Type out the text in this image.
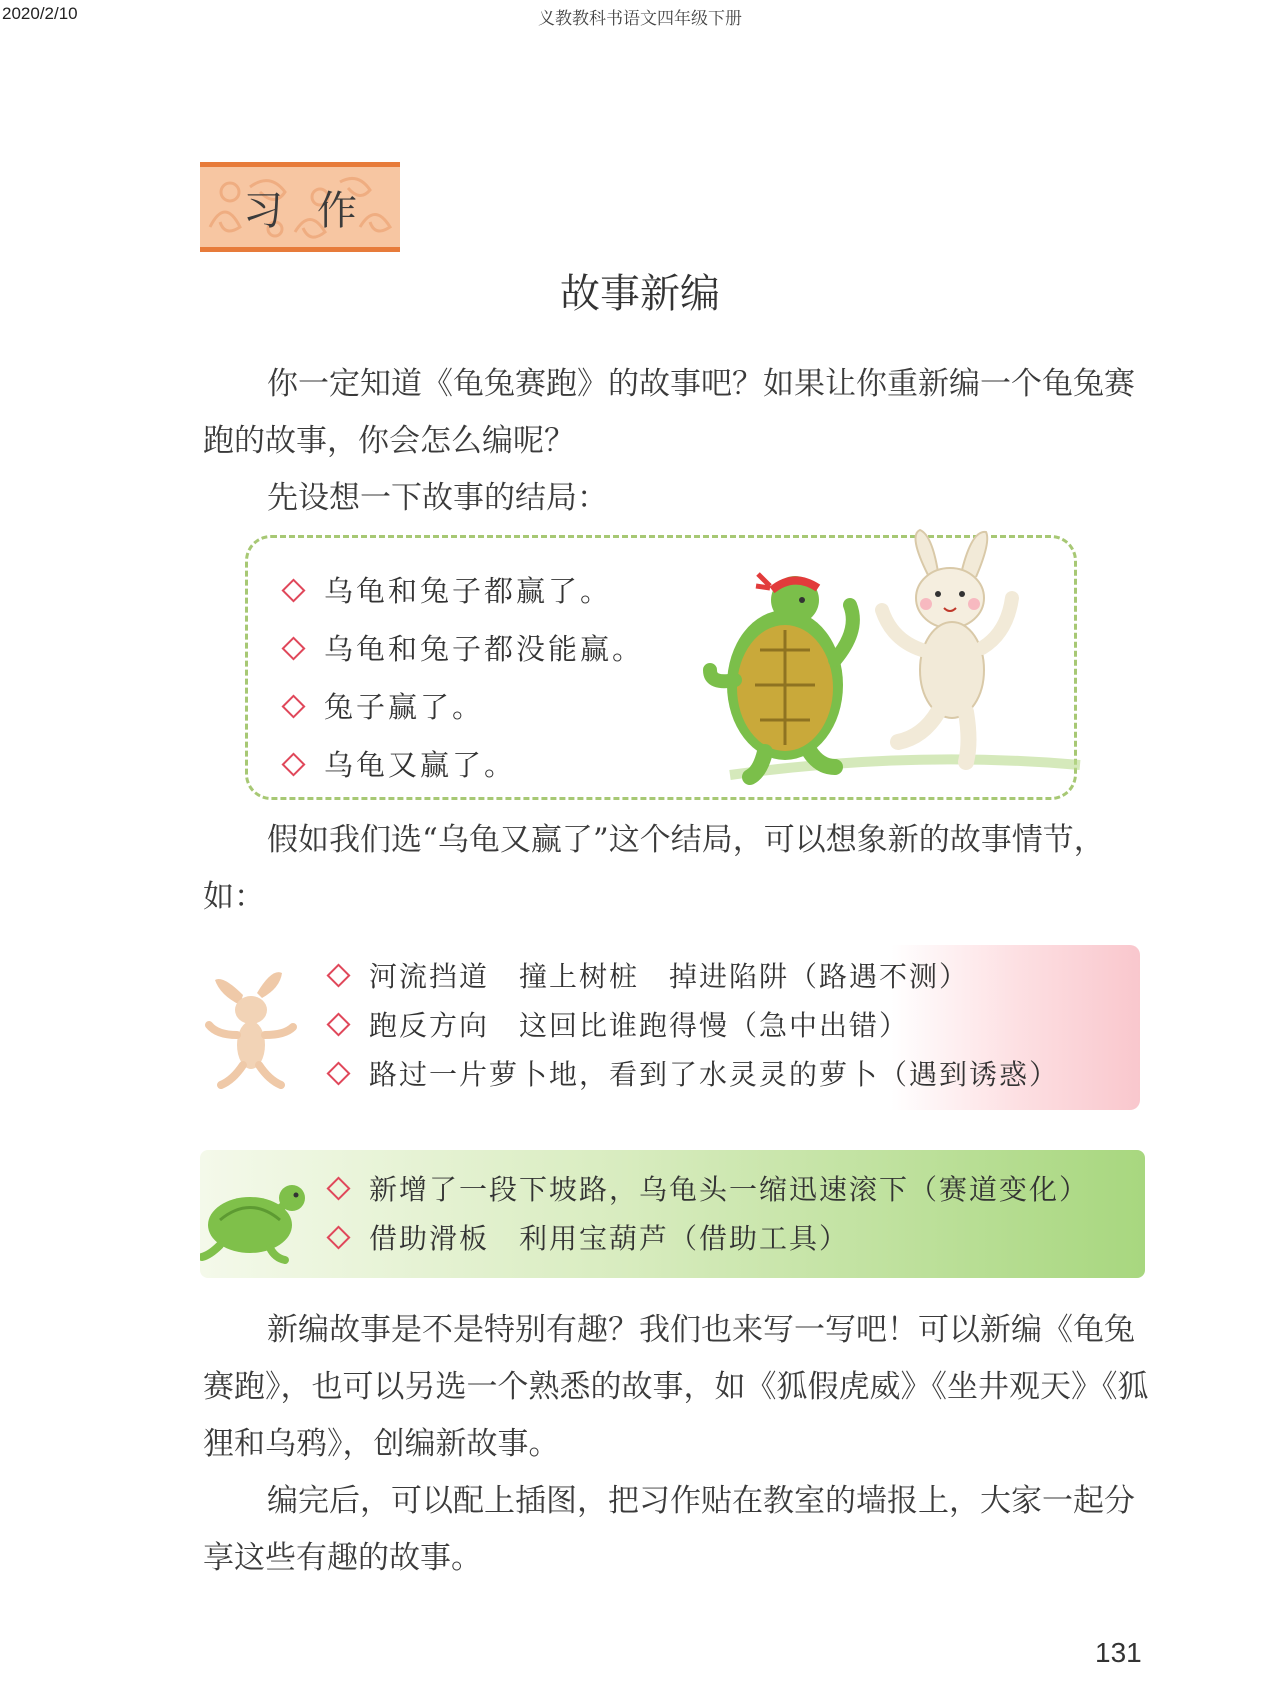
2020/2/10	义教教科书语文四年级下册
习作
故事新编

你一定知道《龟兔赛跑》的故事吧？如果让你重新编一个龟兔赛跑的故事，你会怎么编呢？

先设想一下故事的结局：

乌龟和兔子都赢了。
乌龟和兔子都没能赢。
兔子赢了。
乌龟又赢了。

假如我们选“乌龟又赢了”这个结局，可以想象新的故事情节，如：

河流挡道　撞上树桩　掉进陷阱（路遇不测）
跑反方向　这回比谁跑得慢（急中出错）
路过一片萝卜地，看到了水灵灵的萝卜（遇到诱惑）
新增了一段下坡路，乌龟头一缩迅速滚下（赛道变化）
借助滑板　利用宝葫芦（借助工具）

新编故事是不是特别有趣？我们也来写一写吧！可以新编《龟兔赛跑》，也可以另选一个熟悉的故事，如《狐假虎威》《坐井观天》《狐狸和乌鸦》，创编新故事。

编完后，可以配上插图，把习作贴在教室的墙报上，大家一起分享这些有趣的故事。

131
